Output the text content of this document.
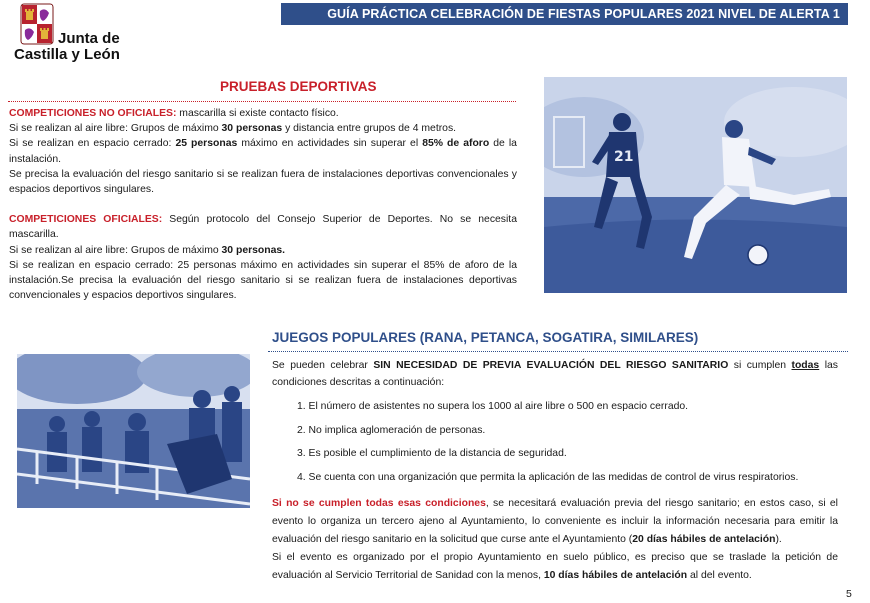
GUÍA PRÁCTICA CELEBRACIÓN DE FIESTAS POPULARES 2021 NIVEL DE ALERTA 1
Junta de
Castilla y León
PRUEBAS DEPORTIVAS

COMPETICIONES NO OFICIALES: mascarilla si existe contacto físico.

Si se realizan al aire libre: Grupos de máximo 30 personas y distancia entre grupos de 4 metros.

Si se realizan en espacio cerrado: 25 personas máximo en actividades sin superar el 85% de aforo de la instalación.

Se precisa la evaluación del riesgo sanitario si se realizan fuera de instalaciones deportivas convencionales y espacios deportivos singulares.

COMPETICIONES OFICIALES: Según protocolo del Consejo Superior de Deportes. No se necesita mascarilla.

Si se realizan al aire libre: Grupos de máximo 30 personas.

Si se realizan en espacio cerrado: 25 personas máximo en actividades sin superar el 85% de aforo de la instalación.Se precisa la evaluación del riesgo sanitario si se realizan fuera de instalaciones deportivas convencionales y espacios deportivos singulares.

21
JUEGOS POPULARES (RANA, PETANCA, SOGATIRA, SIMILARES)
Se pueden celebrar SIN NECESIDAD DE PREVIA EVALUACIÓN DEL RIESGO SANITARIO si cumplen todas las condiciones descritas a continuación:
1. El número de asistentes no supera los 1000 al aire libre o 500 en espacio cerrado.
2. No implica aglomeración de personas.
3. Es posible el cumplimiento de la distancia de seguridad.
4. Se cuenta con una organización que permita la aplicación de las medidas de control de virus respiratorios.

Si no se cumplen todas esas condiciones, se necesitará evaluación previa del riesgo sanitario; en estos caso, si el evento lo organiza un tercero ajeno al Ayuntamiento, lo conveniente es incluir la información necesaria para emitir la evaluación del riesgo sanitario en la solicitud que curse ante el Ayuntamiento (20 días hábiles de antelación).

Si el evento es organizado por el propio Ayuntamiento en suelo público, es preciso que se traslade la petición de evaluación al Servicio Territorial de Sanidad con la menos, 10 días hábiles de antelación al del evento.

5
